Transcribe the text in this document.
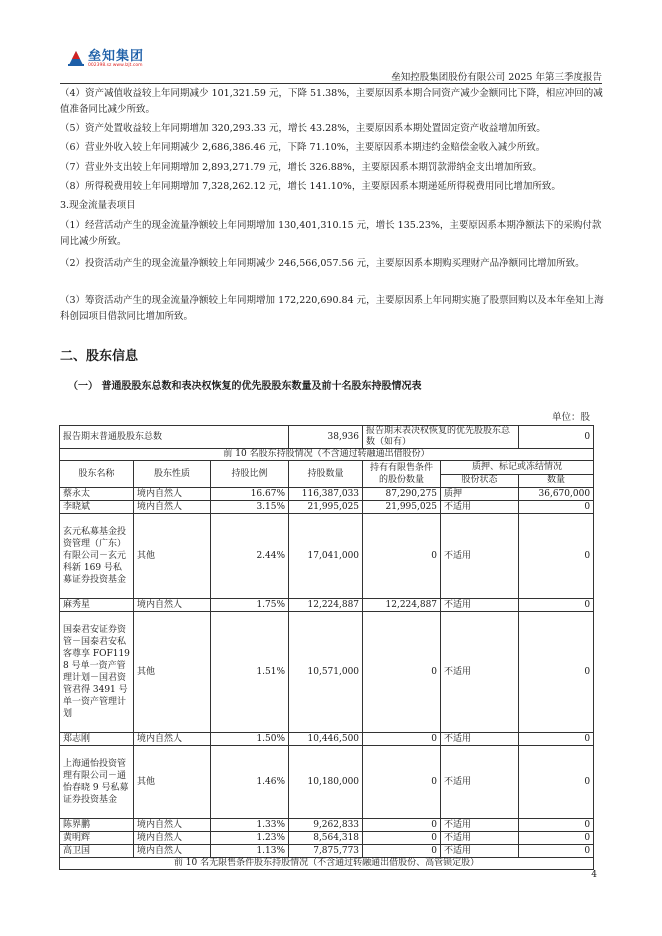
垒知集团
002398.sz www.lzjt.com
垒知控股集团股份有限公司 2025 年第三季度报告
（4）资产减值收益较上年同期减少 101,321.59 元，下降 51.38%，主要原因系本期合同资产减少金额同比下降，相应冲回的减值准备同比减少所致。
（5）资产处置收益较上年同期增加 320,293.33 元，增长 43.28%，主要原因系本期处置固定资产收益增加所致。
（6）营业外收入较上年同期减少 2,686,386.46 元，下降 71.10%，主要原因系本期违约金赔偿金收入减少所致。
（7）营业外支出较上年同期增加 2,893,271.79 元，增长 326.88%，主要原因系本期罚款滞纳金支出增加所致。
（8）所得税费用较上年同期增加 7,328,262.12 元，增长 141.10%，主要原因系本期递延所得税费用同比增加所致。
3.现金流量表项目
（1）经营活动产生的现金流量净额较上年同期增加 130,401,310.15 元，增长 135.23%，主要原因系本期净额法下的采购付款同比减少所致。
（2）投资活动产生的现金流量净额较上年同期减少 246,566,057.56 元，主要原因系本期购买理财产品净额同比增加所致。
（3）筹资活动产生的现金流量净额较上年同期增加 172,220,690.84 元，主要原因系上年同期实施了股票回购以及本年垒知上海科创园项目借款同比增加所致。
二、股东信息
（一） 普通股股东总数和表决权恢复的优先股股东数量及前十名股东持股情况表
单位：股
报告期末普通股股东总数			38,936	报告期末表决权恢复的优先股股东总数（如有）		0
前 10 名股东持股情况（不含通过转融通出借股份）						
股东名称	股东性质	持股比例	持股数量	持有有限售条件的股份数量	质押、标记或冻结情况	
					股份状态	数量
蔡永太	境内自然人	16.67%	116,387,033	87,290,275	质押	36,670,000
李晓斌	境内自然人	3.15%	21,995,025	21,995,025	不适用	0
玄元私募基金投资管理（广东）有限公司－玄元科新 169 号私募证券投资基金	其他	2.44%	17,041,000	0	不适用	0
麻秀星	境内自然人	1.75%	12,224,887	12,224,887	不适用	0
国泰君安证券资管－国泰君安私客尊享 FOF1198 号单一资产管理计划－国君资管君得 3491 号单一资产管理计划	其他	1.51%	10,571,000	0	不适用	0
郑志刚	境内自然人	1.50%	10,446,500	0	不适用	0
上海通怡投资管理有限公司－通怡春晓 9 号私募证券投资基金	其他	1.46%	10,180,000	0	不适用	0
陈界鹏	境内自然人	1.33%	9,262,833	0	不适用	0
黄明辉	境内自然人	1.23%	8,564,318	0	不适用	0
高卫国	境内自然人	1.13%	7,875,773	0	不适用	0
前 10 名无限售条件股东持股情况（不含通过转融通出借股份、高管锁定股）						
4
